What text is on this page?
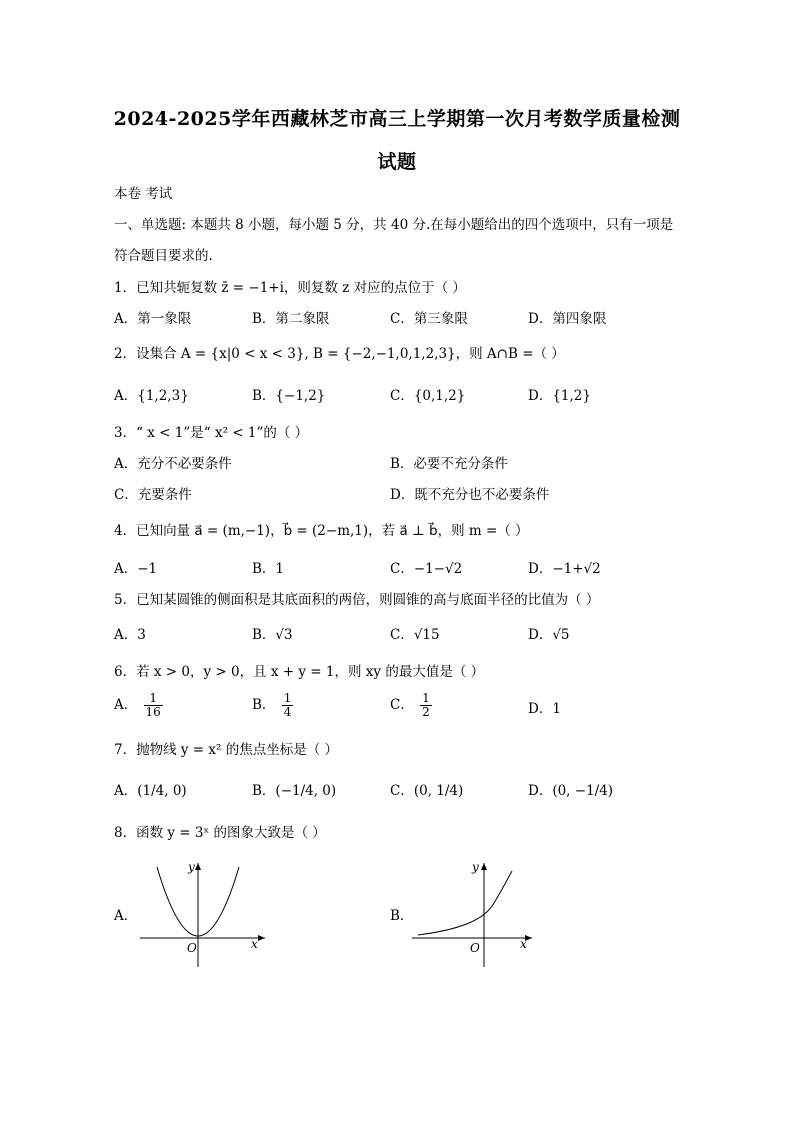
2024-2025学年西藏林芝市高三上学期第一次月考数学质量检测
试题
本卷 考试
一、单选题: 本题共 8 小题，每小题 5 分，共 40 分.在每小题给出的四个选项中，只有一项是
符合题目要求的.
1．已知共轭复数 z̄ = −1+i，则复数 z 对应的点位于（ ）
A．第一象限	B．第二象限	C．第三象限	D．第四象限
2．设集合 A = {x|0 < x < 3}, B = {−2,−1,0,1,2,3}，则 A∩B =（ ）
A．{1,2,3}	B．{−1,2}	C．{0,1,2}	D．{1,2}
3．“ x < 1”是“ x² < 1”的（ ）
A．充分不必要条件	B．必要不充分条件
C．充要条件	D．既不充分也不必要条件
4．已知向量 a⃗ = (m,−1)，b⃗ = (2−m,1)，若 a⃗ ⊥ b⃗，则 m =（ ）
A．−1	B．1	C．−1−√2	D．−1+√2
5．已知某圆锥的侧面积是其底面积的两倍，则圆锥的高与底面半径的比值为（ ）
A．3	B．√3	C．√15	D．√5
6．若 x > 0，y > 0，且 x + y = 1，则 xy 的最大值是（ ）
A． $\frac{1}{16}$	B． $\frac{1}{4}$	C． $\frac{1}{2}$	D．1
7．抛物线 y = x² 的焦点坐标是（ ）
A．(1/4, 0)	B．(−1/4, 0)	C．(0, 1/4)	D．(0, −1/4)
8．函数 y = 3ˣ 的图象大致是（ ）
A．	B．
x
y
O	x
y
O
